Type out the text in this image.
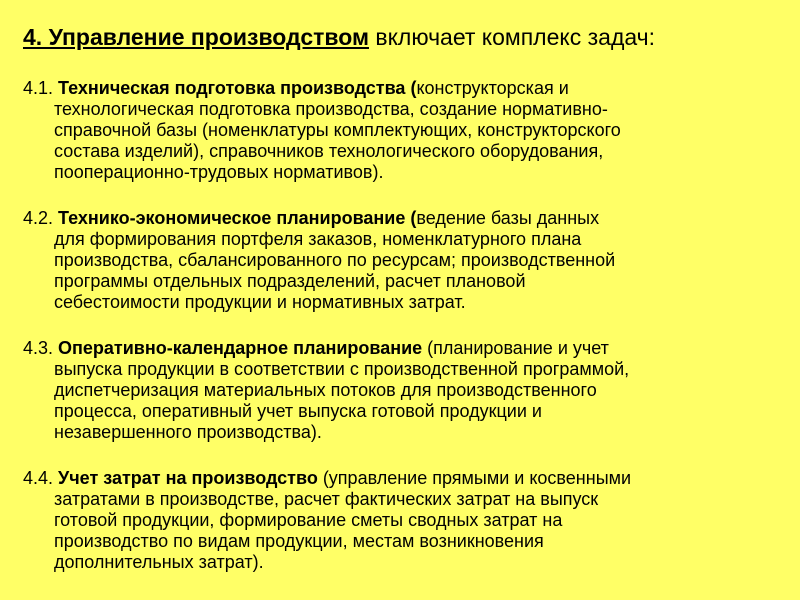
4. Управление производством включает комплекс задач:
4.1. Техническая подготовка производства (конструкторская и
технологическая подготовка производства, создание нормативно-
справочной базы (номенклатуры комплектующих, конструкторского
состава изделий), справочников технологического оборудования,
пооперационно-трудовых нормативов).
4.2. Технико-экономическое планирование (ведение базы данных
для формирования портфеля заказов, номенклатурного плана
производства, сбалансированного по ресурсам; производственной
программы отдельных подразделений, расчет плановой
себестоимости продукции и нормативных затрат.
4.3. Оперативно-календарное планирование (планирование и учет
выпуска продукции в соответствии с производственной программой,
диспетчеризация материальных потоков для производственного
процесса, оперативный учет выпуска готовой продукции и
незавершенного производства).
4.4. Учет затрат на производство (управление прямыми и косвенными
затратами в производстве, расчет фактических затрат на выпуск
готовой продукции, формирование сметы сводных затрат на
производство по видам продукции, местам возникновения
дополнительных затрат).
